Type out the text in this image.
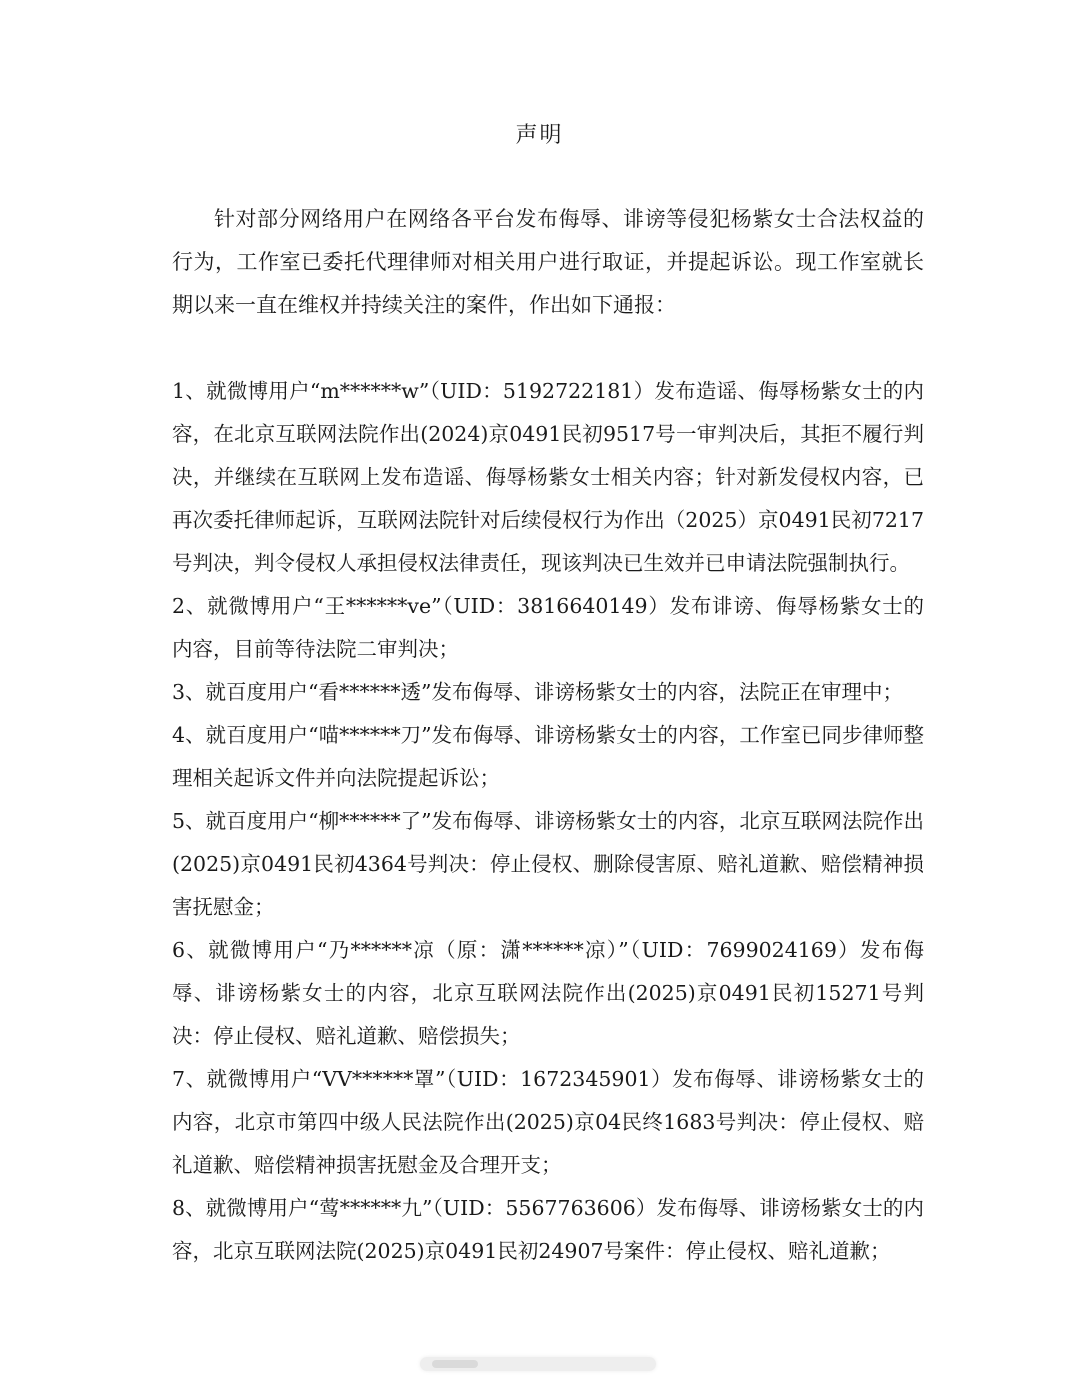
声明
针对部分网络用户在网络各平台发布侮辱、诽谤等侵犯杨紫女士合法权益的行为，工作室已委托代理律师对相关用户进行取证，并提起诉讼。现工作室就长期以来一直在维权并持续关注的案件，作出如下通报：

1、就微博用户“m******w”（UID：5192722181）发布造谣、侮辱杨紫女士的内容，在北京互联网法院作出(2024)京0491民初9517号一审判决后，其拒不履行判决，并继续在互联网上发布造谣、侮辱杨紫女士相关内容；针对新发侵权内容，已再次委托律师起诉，互联网法院针对后续侵权行为作出（2025）京0491民初7217号判决，判令侵权人承担侵权法律责任，现该判决已生效并已申请法院强制执行。

2、就微博用户“王******ve”（UID：3816640149）发布诽谤、侮辱杨紫女士的内容，目前等待法院二审判决；

3、就百度用户“看******透”发布侮辱、诽谤杨紫女士的内容，法院正在审理中；

4、就百度用户“喵******刀”发布侮辱、诽谤杨紫女士的内容，工作室已同步律师整理相关起诉文件并向法院提起诉讼；

5、就百度用户“柳******了”发布侮辱、诽谤杨紫女士的内容，北京互联网法院作出(2025)京0491民初4364号判决：停止侵权、删除侵害原、赔礼道歉、赔偿精神损害抚慰金；

6、就微博用户“乃******凉（原：潇******凉）”（UID：7699024169）发布侮辱、诽谤杨紫女士的内容，北京互联网法院作出(2025)京0491民初15271号判决：停止侵权、赔礼道歉、赔偿损失；

7、就微博用户“VV******罩”（UID：1672345901）发布侮辱、诽谤杨紫女士的内容，北京市第四中级人民法院作出(2025)京04民终1683号判决：停止侵权、赔礼道歉、赔偿精神损害抚慰金及合理开支；

8、就微博用户“莺******九”（UID：5567763606）发布侮辱、诽谤杨紫女士的内容，北京互联网法院(2025)京0491民初24907号案件：停止侵权、赔礼道歉；
